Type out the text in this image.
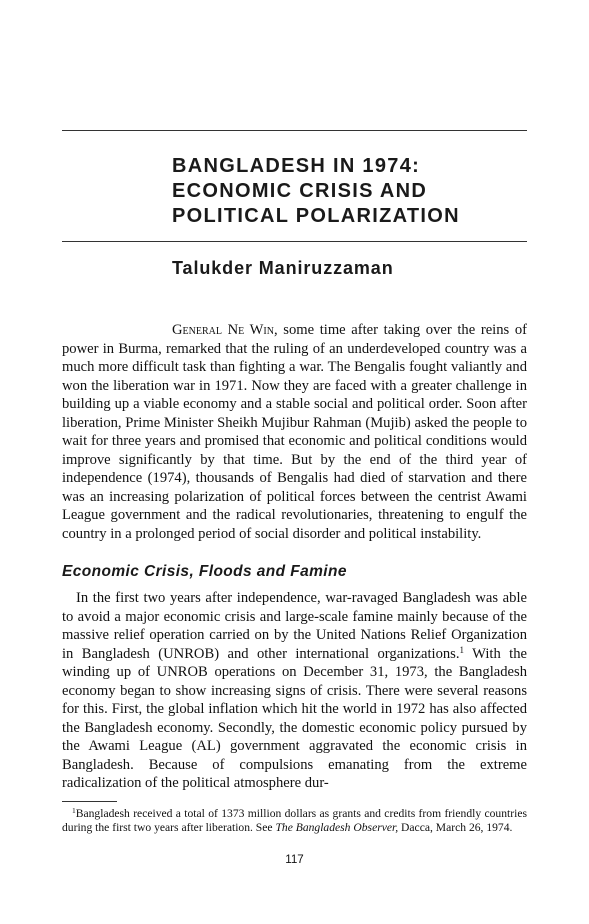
BANGLADESH IN 1974:
ECONOMIC CRISIS AND
POLITICAL POLARIZATION

Talukder Maniruzzaman

General Ne Win, some time after taking over the reins of power in Burma, remarked that the ruling of an underdeveloped country was a much more difficult task than fighting a war. The Bengalis fought valiantly and won the liberation war in 1971. Now they are faced with a greater challenge in building up a viable economy and a stable social and political order. Soon after liberation, Prime Minister Sheikh Mujibur Rahman (Mujib) asked the people to wait for three years and promised that economic and political conditions would improve significantly by that time. But by the end of the third year of independence (1974), thousands of Bengalis had died of starvation and there was an increasing polarization of political forces between the centrist Awami League government and the radical revolutionaries, threatening to engulf the country in a prolonged period of social disorder and political instability.

Economic Crisis, Floods and Famine

In the first two years after independence, war-ravaged Bangladesh was able to avoid a major economic crisis and large-scale famine mainly because of the massive relief operation carried on by the United Nations Relief Organization in Bangladesh (UNROB) and other international organizations.$^1$ With the winding up of UNROB operations on December 31, 1973, the Bangladesh economy began to show increasing signs of crisis. There were several reasons for this. First, the global inflation which hit the world in 1972 has also affected the Bangladesh economy. Secondly, the domestic economic policy pursued by the Awami League (AL) government aggravated the economic crisis in Bangladesh. Because of compulsions emanating from the extreme radicalization of the political atmosphere dur-

$^1$Bangladesh received a total of 1373 million dollars as grants and credits from friendly countries during the first two years after liberation. See The Bangladesh Observer, Dacca, March 26, 1974.

117
